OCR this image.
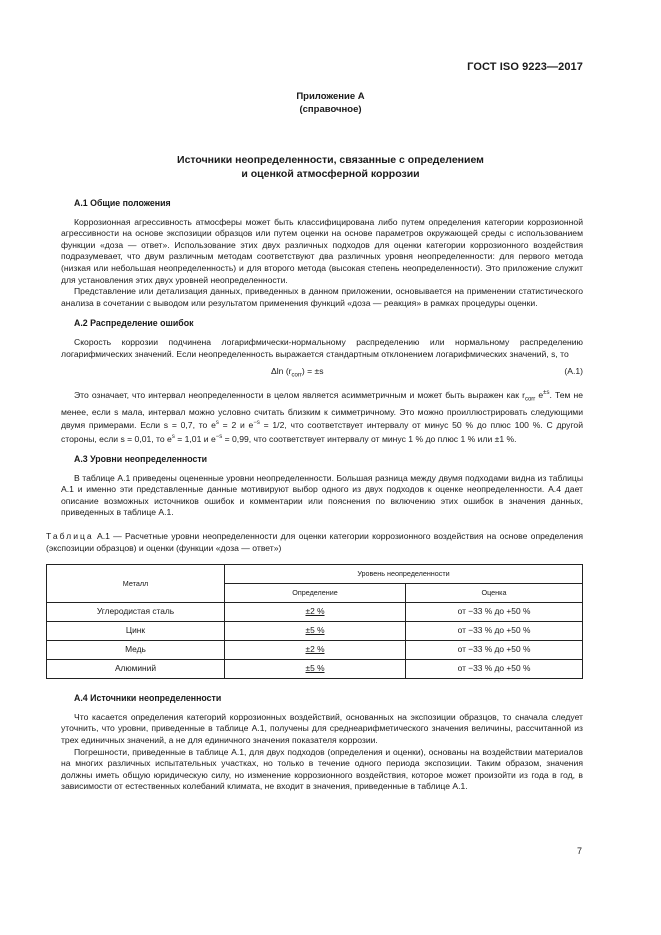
ГОСТ ISO 9223—2017
Приложение А
(справочное)
Источники неопределенности, связанные с определением
и оценкой атмосферной коррозии
А.1 Общие положения

Коррозионная агрессивность атмосферы может быть классифицирована либо путем определения категории коррозионной агрессивности на основе экспозиции образцов или путем оценки на основе параметров окружающей среды с использованием функции «доза — ответ». Использование этих двух различных подходов для оценки категории коррозионного воздействия подразумевает, что двум различным методам соответствуют два различных уровня неопределенности: для первого метода (низкая или небольшая неопределенность) и для второго метода (высокая степень неопределенности). Это приложение служит для установления этих двух уровней неопределенности.

Представление или детализация данных, приведенных в данном приложении, основывается на применении статистического анализа в сочетании с выводом или результатом применения функций «доза — реакция» в рамках процедуры оценки.

А.2 Распределение ошибок

Скорость коррозии подчинена логарифмически-нормальному распределению или нормальному распределению логарифмических значений. Если неопределенность выражается стандартным отклонением логарифмических значений, s, то

Δln $(r_{corr}) = \pm s$	(А.1)

Это означает, что интервал неопределенности в целом является асимметричным и может быть выражен как $r_{corr}$ $e^{\pm s}$. Тем не менее, если s мала, интервал можно условно считать близким к симметричному. Это можно проиллюстрировать следующими двумя примерами. Если s = 0,7, то $e^s = 2$ и $e^{-s} = 1/2$, что соответствует интервалу от минус 50 % до плюс 100 %. С другой стороны, если s = 0,01, то $e^s = 1,01$ и $e^{-s} = 0,99$, что соответствует интервалу от минус 1 % до плюс 1 % или ±1 %.

А.3 Уровни неопределенности

В таблице А.1 приведены оцененные уровни неопределенности. Большая разница между двумя подходами видна из таблицы А.1 и именно эти представленные данные мотивируют выбор одного из двух подходов к оценке неопределенности. А.4 дает описание возможных источников ошибок и комментарии или пояснения по включению этих ошибок в значения данных, приведенных в таблице А.1.

Таблица А.1 — Расчетные уровни неопределенности для оценки категории коррозионного воздействия на основе определения (экспозиции образцов) и оценки (функции «доза — ответ»)

Металл	Уровень неопределенности	
	Определение	Оценка
Углеродистая сталь	±2 %	от −33 % до +50 %
Цинк	±5 %	от −33 % до +50 %
Медь	±2 %	от −33 % до +50 %
Алюминий	±5 %	от −33 % до +50 %
А.4 Источники неопределенности

Что касается определения категорий коррозионных воздействий, основанных на экспозиции образцов, то сначала следует уточнить, что уровни, приведенные в таблице А.1, получены для среднеарифметического значения величины, рассчитанной из трех единичных значений, а не для единичного значения показателя коррозии.

Погрешности, приведенные в таблице А.1, для двух подходов (определения и оценки), основаны на воздействии материалов на многих различных испытательных участках, но только в течение одного периода экспозиции. Таким образом, значения должны иметь общую юридическую силу, но изменение коррозионного воздействия, которое может произойти из года в год, в зависимости от естественных колебаний климата, не входит в значения, приведенные в таблице А.1.

7
